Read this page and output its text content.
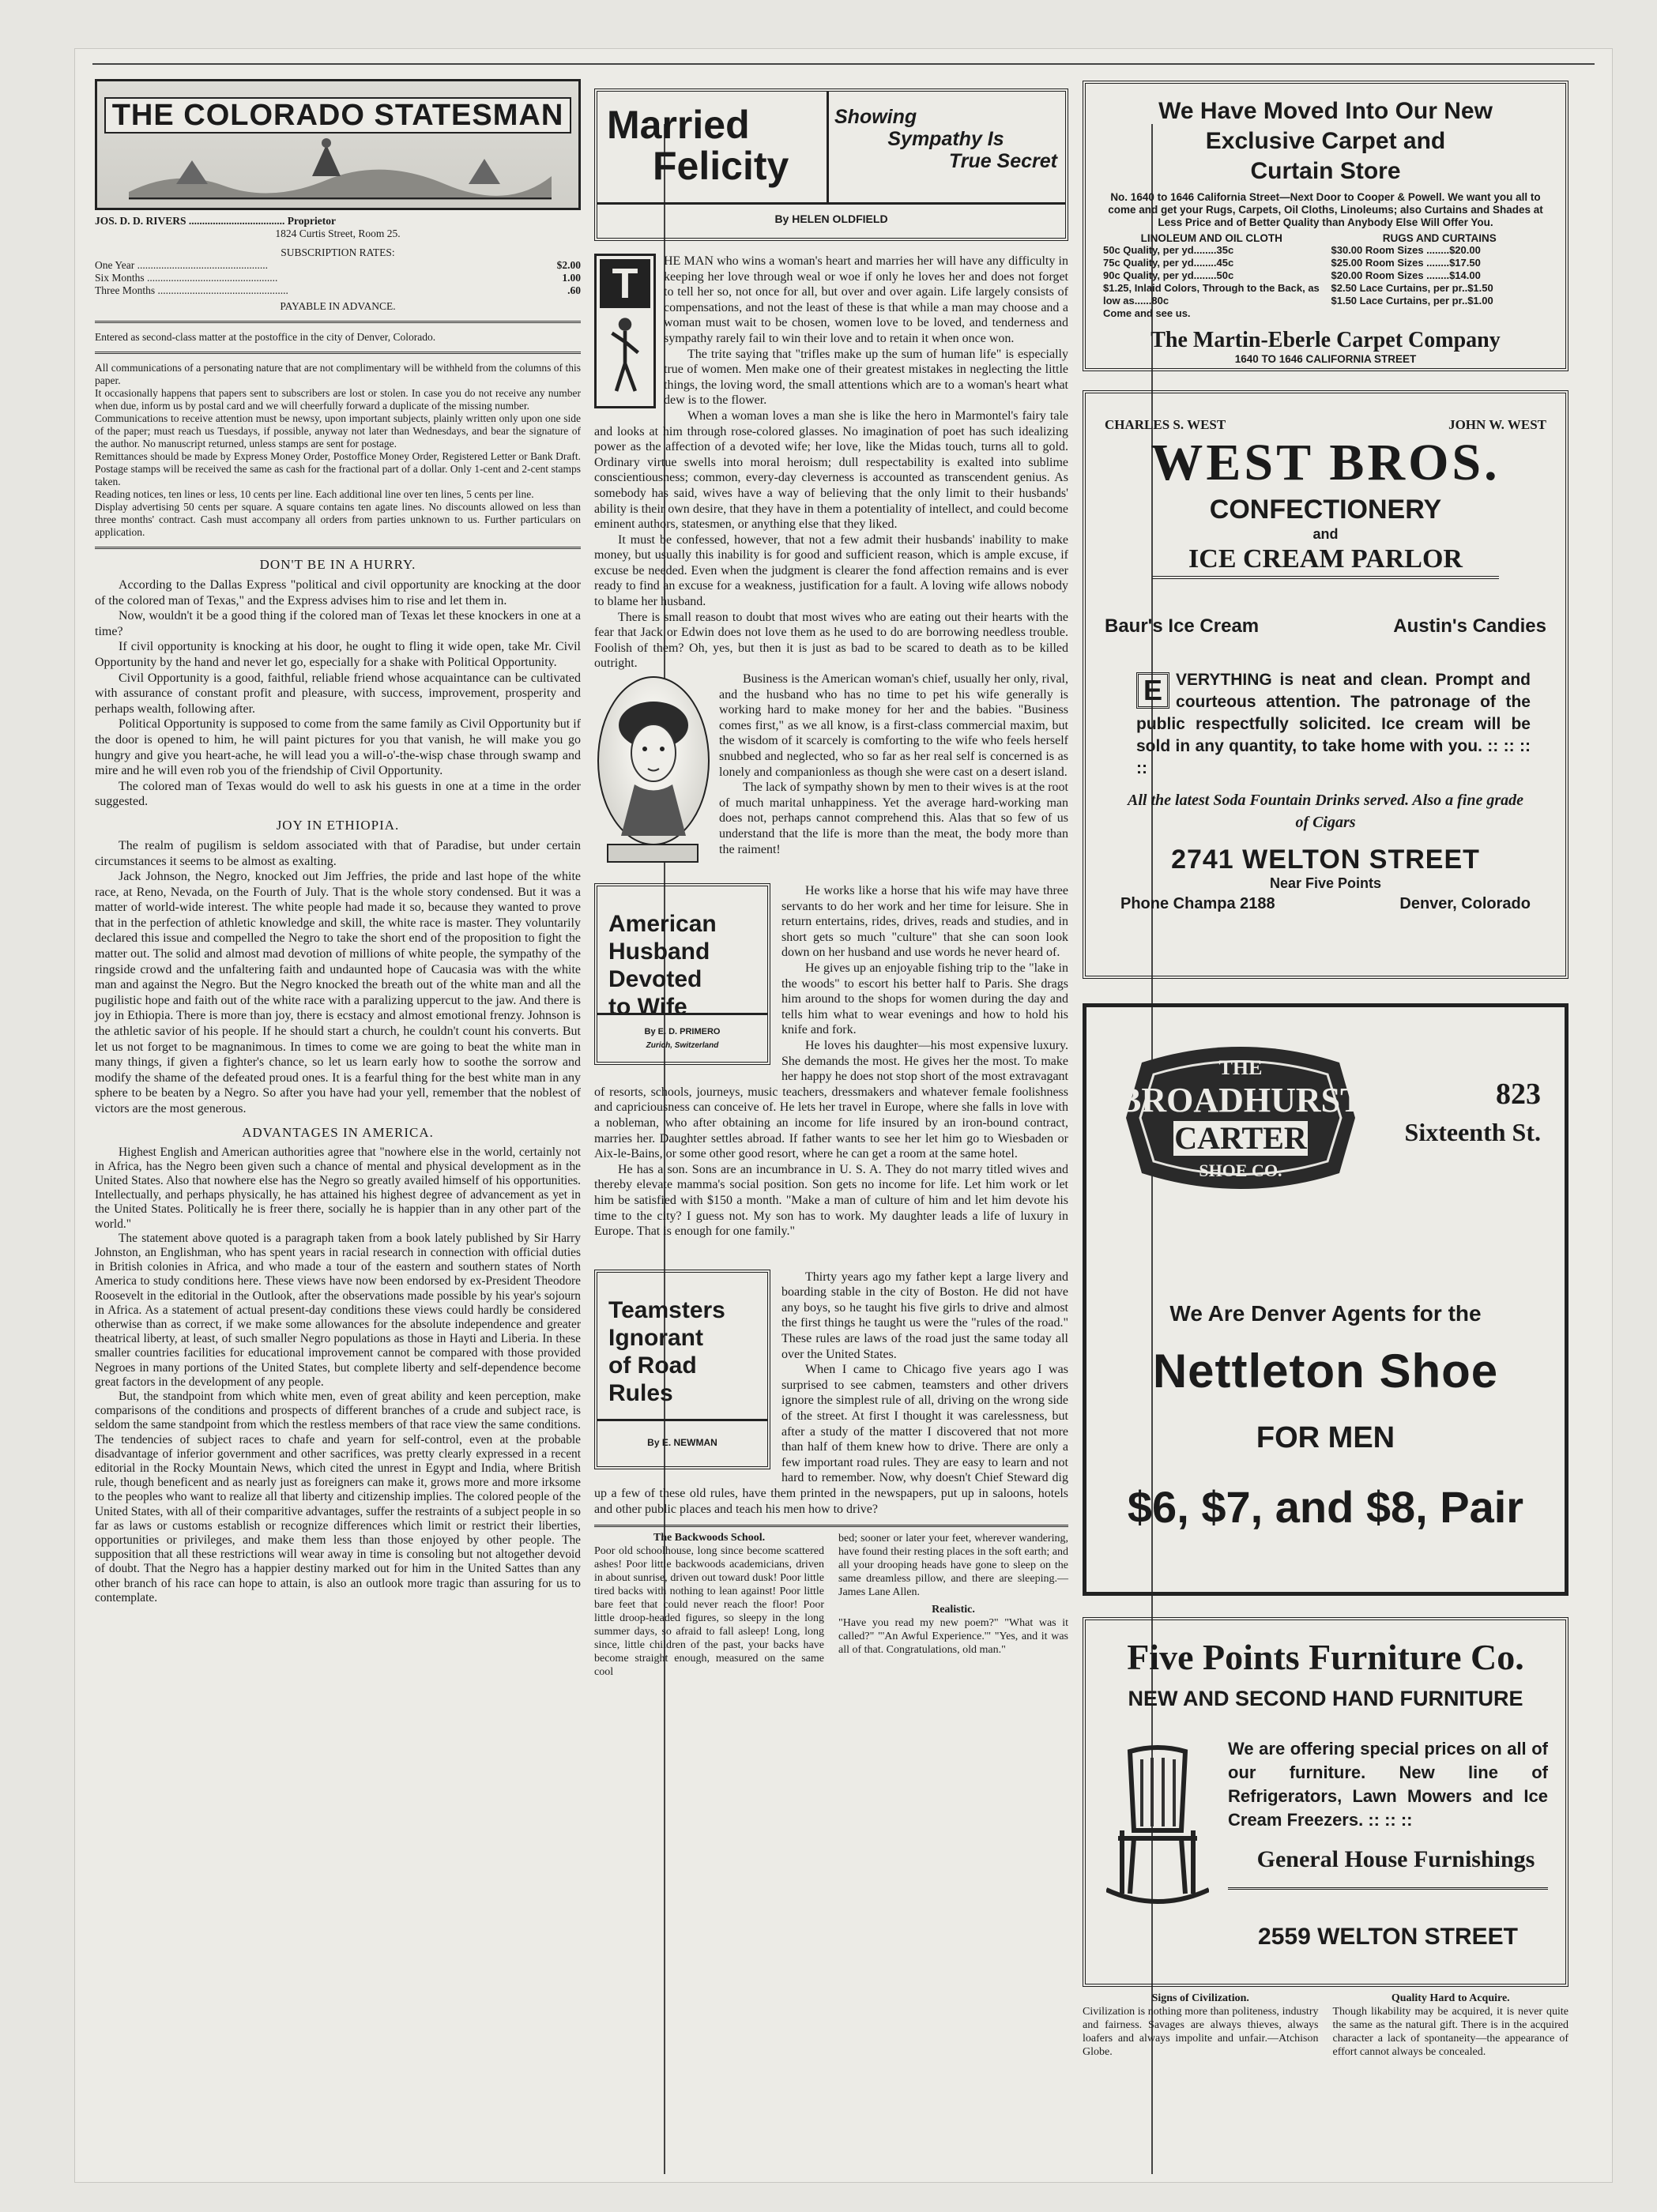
THE COLORADO STATESMAN
JOS. D. D. RIVERS .................................... Proprietor
1824 Curtis Street, Room 25.
SUBSCRIPTION RATES:
One Year .................................................	$2.00
Six Months .................................................	1.00
Three Months .................................................	.60
PAYABLE IN ADVANCE.
Entered as second-class matter at the postoffice in the city of Denver, Colorado.
All communications of a personating nature that are not complimentary will be withheld from the columns of this paper.
It occasionally happens that papers sent to subscribers are lost or stolen. In case you do not receive any number when due, inform us by postal card and we will cheerfully forward a duplicate of the missing number.
Communications to receive attention must be newsy, upon important subjects, plainly written only upon one side of the paper; must reach us Tuesdays, if possible, anyway not later than Wednesdays, and bear the signature of the author. No manuscript returned, unless stamps are sent for postage.
Remittances should be made by Express Money Order, Postoffice Money Order, Registered Letter or Bank Draft. Postage stamps will be received the same as cash for the fractional part of a dollar. Only 1-cent and 2-cent stamps taken.
Reading notices, ten lines or less, 10 cents per line. Each additional line over ten lines, 5 cents per line.
Display advertising 50 cents per square. A square contains ten agate lines. No discounts allowed on less than three months' contract. Cash must accompany all orders from parties unknown to us. Further particulars on application.
DON'T BE IN A HURRY.

According to the Dallas Express "political and civil opportunity are knocking at the door of the colored man of Texas," and the Express advises him to rise and let them in.

Now, wouldn't it be a good thing if the colored man of Texas let these knockers in one at a time?

If civil opportunity is knocking at his door, he ought to fling it wide open, take Mr. Civil Opportunity by the hand and never let go, especially for a shake with Political Opportunity.

Civil Opportunity is a good, faithful, reliable friend whose acquaintance can be cultivated with assurance of constant profit and pleasure, with success, improvement, prosperity and perhaps wealth, following after.

Political Opportunity is supposed to come from the same family as Civil Opportunity but if the door is opened to him, he will paint pictures for you that vanish, he will make you go hungry and give you heart-ache, he will lead you a will-o'-the-wisp chase through swamp and mire and he will even rob you of the friendship of Civil Opportunity.

The colored man of Texas would do well to ask his guests in one at a time in the order suggested.

JOY IN ETHIOPIA.

The realm of pugilism is seldom associated with that of Paradise, but under certain circumstances it seems to be almost as exalting.

Jack Johnson, the Negro, knocked out Jim Jeffries, the pride and last hope of the white race, at Reno, Nevada, on the Fourth of July. That is the whole story condensed. But it was a matter of world-wide interest. The white people had made it so, because they wanted to prove that in the perfection of athletic knowledge and skill, the white race is master. They voluntarily declared this issue and compelled the Negro to take the short end of the proposition to fight the matter out. The solid and almost mad devotion of millions of white people, the sympathy of the ringside crowd and the unfaltering faith and undaunted hope of Caucasia was with the white man and against the Negro. But the Negro knocked the breath out of the white man and all the pugilistic hope and faith out of the white race with a paralizing uppercut to the jaw. And there is joy in Ethiopia. There is more than joy, there is ecstacy and almost emotional frenzy. Johnson is the athletic savior of his people. If he should start a church, he couldn't count his converts. But let us not forget to be magnanimous. In times to come we are going to beat the white man in many things, if given a fighter's chance, so let us learn early how to soothe the sorrow and modify the shame of the defeated proud ones. It is a fearful thing for the best white man in any sphere to be beaten by a Negro. So after you have had your yell, remember that the noblest of victors are the most generous.

ADVANTAGES IN AMERICA.

Highest English and American authorities agree that "nowhere else in the world, certainly not in Africa, has the Negro been given such a chance of mental and physical development as in the United States. Also that nowhere else has the Negro so greatly availed himself of his opportunities. Intellectually, and perhaps physically, he has attained his highest degree of advancement as yet in the United States. Politically he is freer there, socially he is happier than in any other part of the world."

The statement above quoted is a paragraph taken from a book lately published by Sir Harry Johnston, an Englishman, who has spent years in racial research in connection with official duties in British colonies in Africa, and who made a tour of the eastern and southern states of North America to study conditions here. These views have now been endorsed by ex-President Theodore Roosevelt in the editorial in the Outlook, after the observations made possible by his year's sojourn in Africa. As a statement of actual present-day conditions these views could hardly be considered otherwise than as correct, if we make some allowances for the absolute independence and greater theatrical liberty, at least, of such smaller Negro populations as those in Hayti and Liberia. In these smaller countries facilities for educational improvement cannot be compared with those provided Negroes in many portions of the United States, but complete liberty and self-dependence become great factors in the development of any people.

But, the standpoint from which white men, even of great ability and keen perception, make comparisons of the conditions and prospects of different branches of a crude and subject race, is seldom the same standpoint from which the restless members of that race view the same conditions. The tendencies of subject races to chafe and yearn for self-control, even at the probable disadvantage of inferior government and other sacrifices, was pretty clearly expressed in a recent editorial in the Rocky Mountain News, which cited the unrest in Egypt and India, where British rule, though beneficent and as nearly just as foreigners can make it, grows more and more irksome to the peoples who want to realize all that liberty and citizenship implies. The colored people of the United States, with all of their comparitive advantages, suffer the restraints of a subject people in so far as laws or customs establish or recognize differences which limit or restrict their liberties, opportunities or privileges, and make them less than those enjoyed by other people. The supposition that all these restrictions will wear away in time is consoling but not altogether devoid of doubt. That the Negro has a happier destiny marked out for him in the United Sattes than any other branch of his race can hope to attain, is also an outlook more tragic than assuring for us to contemplate.

Married
Felicity
Showing
Sympathy Is
True Secret
By HELEN OLDFIELD
T	HE MAN who wins a woman's heart and marries her will have any difficulty in keeping her love through weal or woe if only he loves her and does not forget to tell her so, not once for all, but over and over again. Life largely consists of compensations, and not the least of these is that while a man may choose and a woman must wait to be chosen, women love to be loved, and tenderness and sympathy rarely fail to win their love and to retain it when once won.

The trite saying that "trifles make up the sum of human life" is especially true of women. Men make one of their greatest mistakes in neglecting the little things, the loving word, the small attentions which are to a woman's heart what dew is to the flower.

When a woman loves a man she is like the hero in Marmontel's fairy tale and looks at him through rose-colored glasses. No imagination of poet has such idealizing power as the affection of a devoted wife; her love, like the Midas touch, turns all to gold. Ordinary virtue swells into moral heroism; dull respectability is exalted into sublime conscientiousness; common, every-day cleverness is accounted as transcendent genius. As somebody has said, wives have a way of believing that the only limit to their husbands' ability is their own desire, that they have in them a potentiality of intellect, and could become eminent authors, statesmen, or anything else that they liked.

It must be confessed, however, that not a few admit their husbands' inability to make money, but usually this inability is for good and sufficient reason, which is ample excuse, if excuse be needed. Even when the judgment is clearer the fond affection remains and is ever ready to find an excuse for a weakness, justification for a fault. A loving wife allows nobody to blame her husband.

There is small reason to doubt that most wives who are eating out their hearts with the fear that Jack or Edwin does not love them as he used to do are borrowing needless trouble. Foolish of them? Oh, yes, but then it is just as bad to be scared to death as to be killed outright.

Business is the American woman's chief, usually her only, rival, and the husband who has no time to pet his wife generally is working hard to make money for her and the babies. "Business comes first," as we all know, is a first-class commercial maxim, but the wisdom of it scarcely is comforting to the wife who feels herself snubbed and neglected, who so far as her real self is concerned is as lonely and companionless as though she were cast on a desert island.

The lack of sympathy shown by men to their wives is at the root of much marital unhappiness. Yet the average hard-working man does not, perhaps cannot comprehend this. Alas that so few of us understand that the life is more than the meat, the body more than the raiment!

American
Husband
Devoted
to Wife
By E. D. PRIMERO
Zurich, Switzerland

He works like a horse that his wife may have three servants to do her work and her time for leisure. She in return entertains, rides, drives, reads and studies, and in short gets so much "culture" that she can soon look down on her husband and use words he never heard of.

He gives up an enjoyable fishing trip to the "lake in the woods" to escort his better half to Paris. She drags him around to the shops for women during the day and tells him what to wear evenings and how to hold his knife and fork.

He loves his daughter—his most expensive luxury. She demands the most. He gives her the most. To make her happy he does not stop short of the most extravagant of resorts, schools, journeys, music teachers, dressmakers and whatever female foolishness and capriciousness can conceive of. He lets her travel in Europe, where she falls in love with a nobleman, who after obtaining an income for life insured by an iron-bound contract, marries her. Daughter settles abroad. If father wants to see her let him go to Wiesbaden or Aix-le-Bains, or some other good resort, where he can get a room at the same hotel.

He has a son. Sons are an incumbrance in U. S. A. They do not marry titled wives and thereby elevate mamma's social position. Son gets no income for life. Let him work or let him be satisfied with $150 a month. "Make a man of culture of him and let him devote his time to the city? I guess not. My son has to work. My daughter leads a life of luxury in Europe. That is enough for one family."

Teamsters
Ignorant
of Road
Rules
By E. NEWMAN

Thirty years ago my father kept a large livery and boarding stable in the city of Boston. He did not have any boys, so he taught his five girls to drive and almost the first things he taught us were the "rules of the road." These rules are laws of the road just the same today all over the United States.

When I came to Chicago five years ago I was surprised to see cabmen, teamsters and other drivers ignore the simplest rule of all, driving on the wrong side of the street. At first I thought it was carelessness, but after a study of the matter I discovered that not more than half of them knew how to drive. There are only a few important road rules. They are easy to learn and not hard to remember. Now, why doesn't Chief Steward dig up a few of these old rules, have them printed in the newspapers, put up in saloons, hotels and other public places and teach his men how to drive?

The Backwoods School.
Poor old schoolhouse, long since become scattered ashes! Poor little backwoods academicians, driven in about sunrise, driven out toward dusk! Poor little tired backs with nothing to lean against! Poor little bare feet that could never reach the floor! Poor little droop-headed figures, so sleepy in the long summer days, so afraid to fall asleep! Long, long since, little children of the past, your backs have become straight enough, measured on the same cool
bed; sooner or later your feet, wherever wandering, have found their resting places in the soft earth; and all your drooping heads have gone to sleep on the same dreamless pillow, and there are sleeping.—James Lane Allen.
Realistic.
"Have you read my new poem?" "What was it called?" "'An Awful Experience.'" "Yes, and it was all of that. Congratulations, old man."
We Have Moved Into Our New
Exclusive Carpet and
Curtain Store
No. 1640 to 1646 California Street—Next Door to Cooper & Powell. We want you all to come and get your Rugs, Carpets, Oil Cloths, Linoleums; also Curtains and Shades at Less Price and of Better Quality than Anybody Else Will Offer You.
LINOLEUM AND OIL CLOTH
50c Quality, per yd........35c
75c Quality, per yd........45c
90c Quality, per yd........50c
$1.25, Inlaid Colors, Through to the Back, as low as......80c
Come and see us.
RUGS AND CURTAINS
$30.00 Room Sizes ........$20.00
$25.00 Room Sizes ........$17.50
$20.00 Room Sizes ........$14.00
$2.50 Lace Curtains, per pr..$1.50
$1.50 Lace Curtains, per pr..$1.00
The Martin-Eberle Carpet Company
1640 TO 1646 CALIFORNIA STREET
CHARLES S. WEST	JOHN W. WEST
WEST BROS.
CONFECTIONERY
and
ICE CREAM PARLOR
Baur's Ice Cream	Austin's Candies
E VERYTHING is neat and clean. Prompt and courteous attention. The patronage of the public respectfully solicited. Ice cream will be sold in any quantity, to take home with you. :: :: :: ::
All the latest Soda Fountain Drinks served. Also a fine grade of Cigars
2741 WELTON STREET
Near Five Points
Phone Champa 2188	Denver, Colorado
THE
BROADHURST
CARTER
SHOE CO.
823
Sixteenth St.
We Are Denver Agents for the
Nettleton Shoe
FOR MEN
$6, $7, and $8, Pair
Five Points Furniture Co.
NEW AND SECOND HAND FURNITURE
We are offering special prices on all of our furniture. New line of Refrigerators, Lawn Mowers and Ice Cream Freezers. :: :: ::
General House Furnishings
2559 WELTON STREET
Signs of Civilization.
Civilization is nothing more than politeness, industry and fairness. Savages are always thieves, always loafers and always impolite and unfair.—Atchison Globe.
Quality Hard to Acquire.
Though likability may be acquired, it is never quite the same as the natural gift. There is in the acquired character a lack of spontaneity—the appearance of effort cannot always be concealed.
